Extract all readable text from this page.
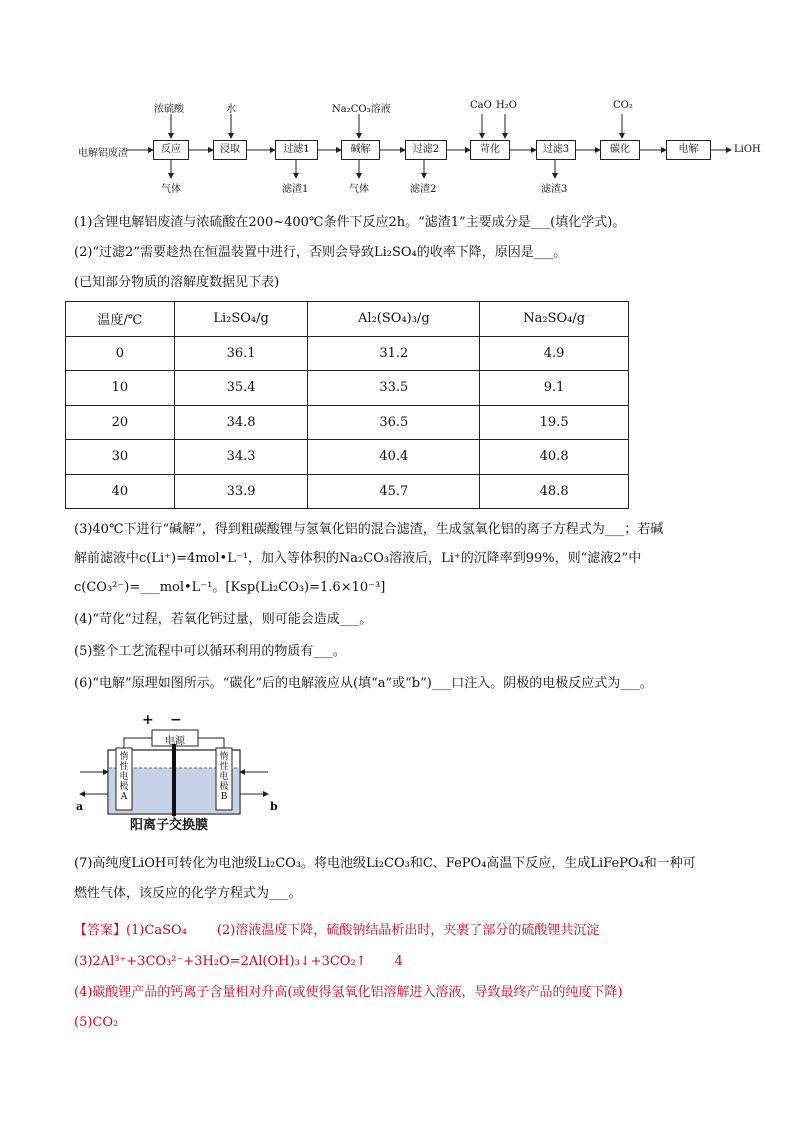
电解铝废渣	反应	浸取	过滤1	碱解	过滤2	苛化	过滤3	碳化	电解	LiOH
浓硫酸	水	Na₂CO₃溶液	CaO H₂O	CO₂
气体	滤渣1	气体	滤渣2	滤渣3
(1)含锂电解铝废渣与浓硫酸在200~400℃条件下反应2h。“滤渣1”主要成分是___(填化学式)。
(2)“过滤2”需要趁热在恒温装置中进行，否则会导致Li₂SO₄的收率下降，原因是___。
(已知部分物质的溶解度数据见下表)
温度/℃	Li₂SO₄/g	Al₂(SO₄)₃/g	Na₂SO₄/g
0	36.1	31.2	4.9
10	35.4	33.5	9.1
20	34.8	36.5	19.5
30	34.3	40.4	40.8
40	33.9	45.7	48.8
(3)40℃下进行“碱解”，得到粗碳酸锂与氢氧化铝的混合滤渣，生成氢氧化铝的离子方程式为___；若碱
解前滤液中c(Li⁺)=4mol•L⁻¹，加入等体积的Na₂CO₃溶液后，Li⁺的沉降率到99%，则“滤液2”中
c(CO₃²⁻)=___mol•L⁻¹。[Ksp(Li₂CO₃)=1.6×10⁻³]
(4)“苛化”过程，若氧化钙过量，则可能会造成___。
(5)整个工艺流程中可以循环利用的物质有___。
(6)“电解”原理如图所示。“碳化”后的电解液应从(填“a”或“b”)___口注入。阴极的电极反应式为___。
+ −
电源
惰性电极A
惰性电极B
a	b
阳离子交换膜
(7)高纯度LiOH可转化为电池级Li₂CO₃。将电池级Li₂CO₃和C、FePO₄高温下反应，生成LiFePO₄和一种可
燃性气体，该反应的化学方程式为___。
【答案】(1)CaSO₄ (2)溶液温度下降，硫酸钠结晶析出时，夹裹了部分的硫酸锂共沉淀
(3)2Al³⁺+3CO₃²⁻+3H₂O=2Al(OH)₃↓+3CO₂↑ 4
(4)碳酸锂产品的钙离子含量相对升高(或使得氢氧化铝溶解进入溶液，导致最终产品的纯度下降)
(5)CO₂
